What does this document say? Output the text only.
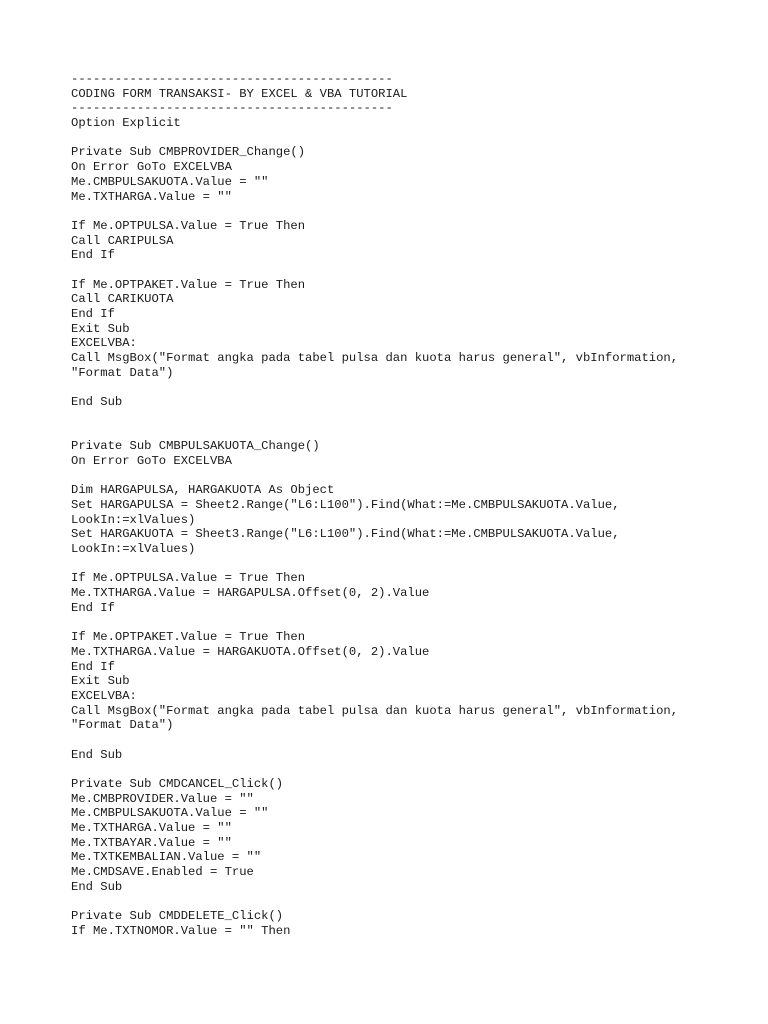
--------------------------------------------
CODING FORM TRANSAKSI- BY EXCEL & VBA TUTORIAL
--------------------------------------------
Option Explicit
Private Sub CMBPROVIDER_Change()
On Error GoTo EXCELVBA
Me.CMBPULSAKUOTA.Value = ""
Me.TXTHARGA.Value = ""
If Me.OPTPULSA.Value = True Then
Call CARIPULSA
End If
If Me.OPTPAKET.Value = True Then
Call CARIKUOTA
End If
Exit Sub
EXCELVBA:
Call MsgBox("Format angka pada tabel pulsa dan kuota harus general", vbInformation,
"Format Data")
End Sub
Private Sub CMBPULSAKUOTA_Change()
On Error GoTo EXCELVBA
Dim HARGAPULSA, HARGAKUOTA As Object
Set HARGAPULSA = Sheet2.Range("L6:L100").Find(What:=Me.CMBPULSAKUOTA.Value,
LookIn:=xlValues)
Set HARGAKUOTA = Sheet3.Range("L6:L100").Find(What:=Me.CMBPULSAKUOTA.Value,
LookIn:=xlValues)
If Me.OPTPULSA.Value = True Then
Me.TXTHARGA.Value = HARGAPULSA.Offset(0, 2).Value
End If
If Me.OPTPAKET.Value = True Then
Me.TXTHARGA.Value = HARGAKUOTA.Offset(0, 2).Value
End If
Exit Sub
EXCELVBA:
Call MsgBox("Format angka pada tabel pulsa dan kuota harus general", vbInformation,
"Format Data")
End Sub
Private Sub CMDCANCEL_Click()
Me.CMBPROVIDER.Value = ""
Me.CMBPULSAKUOTA.Value = ""
Me.TXTHARGA.Value = ""
Me.TXTBAYAR.Value = ""
Me.TXTKEMBALIAN.Value = ""
Me.CMDSAVE.Enabled = True
End Sub
Private Sub CMDDELETE_Click()
If Me.TXTNOMOR.Value = "" Then
